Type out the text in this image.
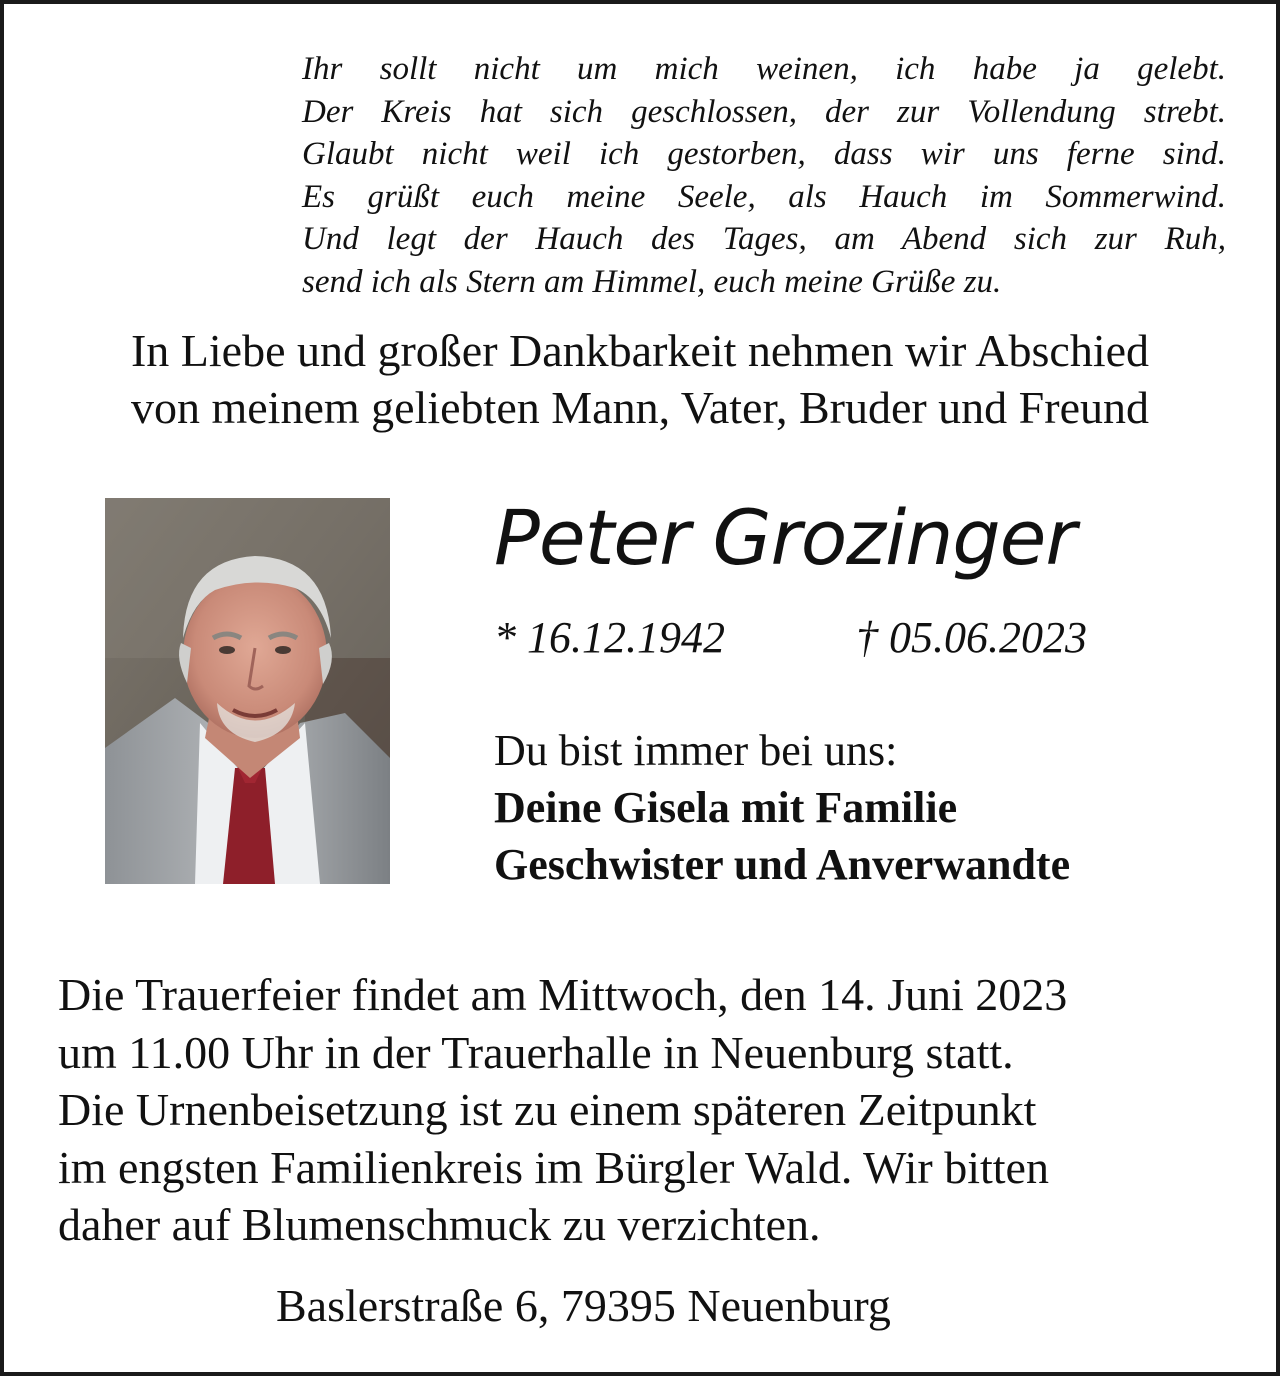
Ihr sollt nicht um mich weinen, ich habe ja gelebt.
Der Kreis hat sich geschlossen, der zur Vollendung strebt.
Glaubt nicht weil ich gestorben, dass wir uns ferne sind.
Es grüßt euch meine Seele, als Hauch im Sommerwind.
Und legt der Hauch des Tages, am Abend sich zur Ruh,
send ich als Stern am Himmel, euch meine Grüße zu.
In Liebe und großer Dankbarkeit nehmen wir Abschied
von meinem geliebten Mann, Vater, Bruder und Freund
Peter Grozinger
* 16.12.1942	† 05.06.2023
Du bist immer bei uns:
Deine Gisela mit Familie
Geschwister und Anverwandte
Die Trauerfeier findet am Mittwoch, den 14. Juni 2023
um 11.00 Uhr in der Trauerhalle in Neuenburg statt.
Die Urnenbeisetzung ist zu einem späteren Zeitpunkt
im engsten Familienkreis im Bürgler Wald. Wir bitten
daher auf Blumenschmuck zu verzichten.
Baslerstraße 6, 79395 Neuenburg
